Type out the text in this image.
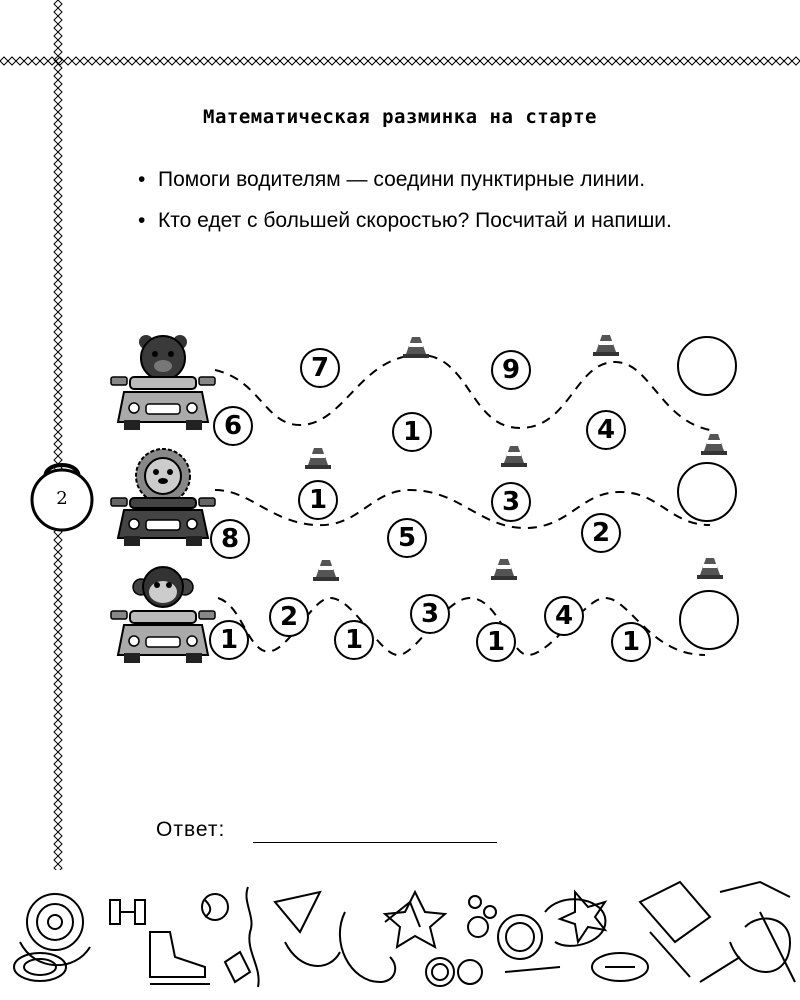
2
Математическая разминка на старте
• Помоги водителям — соедини пунктирные линии.
• Кто едет с большей скоростью? Посчитай и напиши.
6
7
1
9
4
8
1
5
3
2
1
2
1
3
1
4
1
Ответ:
